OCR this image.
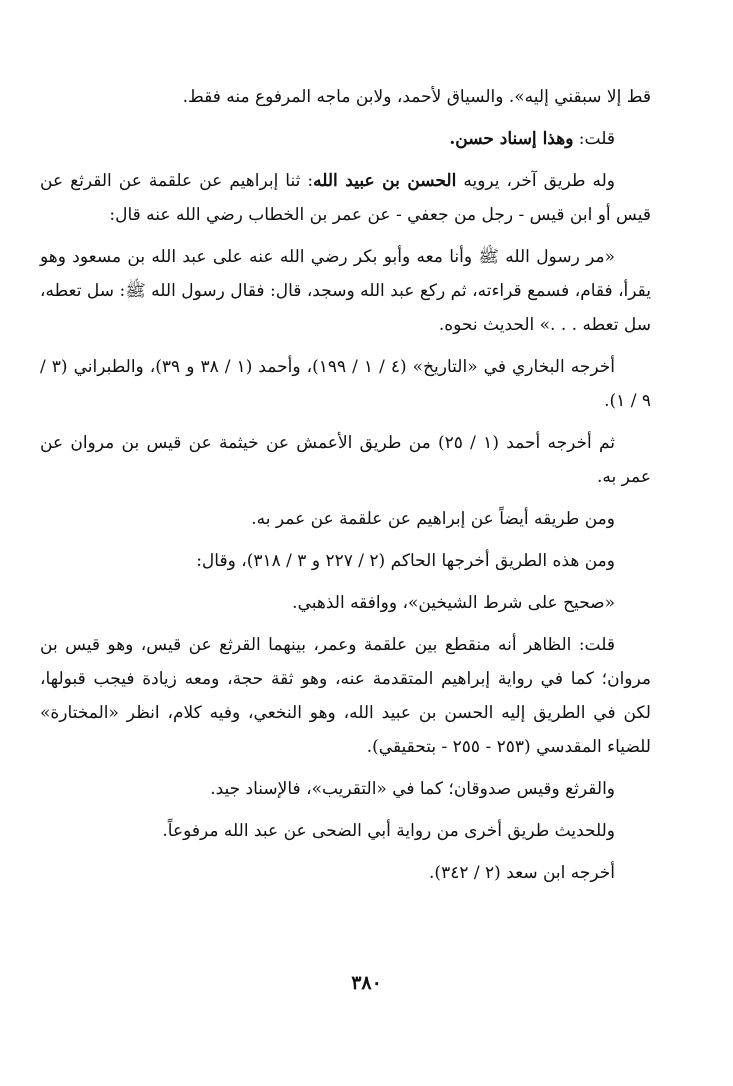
قط إلا سبقني إليه». والسياق لأحمد، ولابن ماجه المرفوع منه فقط.

قلت: وهذا إسناد حسن.

وله طريق آخر، يرويه الحسن بن عبيد الله: ثنا إبراهيم عن علقمة عن القرثع عن قيس أو ابن قيس - رجل من جعفي - عن عمر بن الخطاب رضي الله عنه قال:

«مر رسول الله ﷺ وأنا معه وأبو بكر رضي الله عنه على عبد الله بن مسعود وهو يقرأ، فقام، فسمع قراءته، ثم ركع عبد الله وسجد، قال: فقال رسول الله ﷺ: سل تعطه، سل تعطه . . .» الحديث نحوه.

أخرجه البخاري في «التاريخ» (٤ / ١ / ١٩٩)، وأحمد (١ / ٣٨ و ٣٩)، والطبراني (٣ / ٩ / ١).

ثم أخرجه أحمد (١ / ٢٥) من طريق الأعمش عن خيثمة عن قيس بن مروان عن عمر به.

ومن طريقه أيضاً عن إبراهيم عن علقمة عن عمر به.

ومن هذه الطريق أخرجها الحاكم (٢ / ٢٢٧ و ٣ / ٣١٨)، وقال:

«صحيح على شرط الشيخين»، ووافقه الذهبي.

قلت: الظاهر أنه منقطع بين علقمة وعمر، بينهما القرثع عن قيس، وهو قيس بن مروان؛ كما في رواية إبراهيم المتقدمة عنه، وهو ثقة حجة، ومعه زيادة فيجب قبولها، لكن في الطريق إليه الحسن بن عبيد الله، وهو النخعي، وفيه كلام، انظر «المختارة» للضياء المقدسي (٢٥٣ - ٢٥٥ - بتحقيقي).

والقرثع وقيس صدوقان؛ كما في «التقريب»، فالإسناد جيد.

وللحديث طريق أخرى من رواية أبي الضحى عن عبد الله مرفوعاً.

أخرجه ابن سعد (٢ / ٣٤٢).

٣٨٠
